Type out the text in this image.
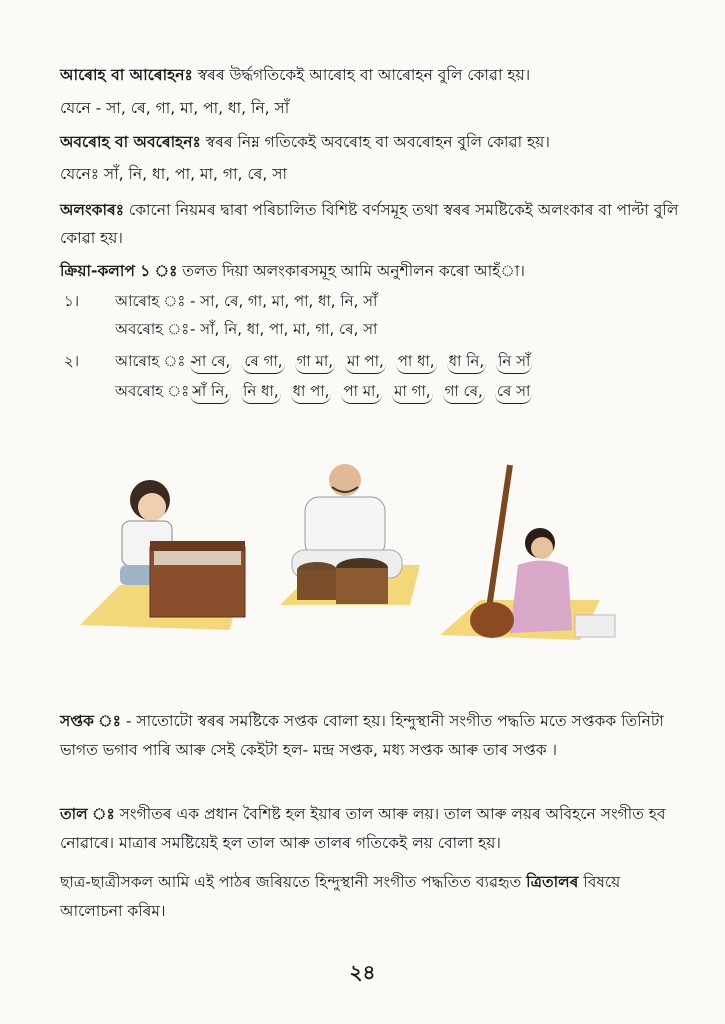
আৰোহ বা আৰোহনঃ স্বৰৰ উৰ্দ্ধগতিকেই আৰোহ বা আৰোহন বুলি কোৱা হয়।
যেনে - সা, ৰে, গা, মা, পা, ধা, নি, সাঁ
অবৰোহ বা অবৰোহনঃ স্বৰৰ নিম্ন গতিকেই অবৰোহ বা অবৰোহন বুলি কোৱা হয়।
যেনেঃ সাঁ, নি, ধা, পা, মা, গা, ৰে, সা
অলংকাৰঃ কোনো নিয়মৰ দ্বাৰা পৰিচালিত বিশিষ্ট বৰ্ণসমূহ তথা স্বৰৰ সমষ্টিকেই অলংকাৰ বা পাল্টা বুলি কোৱা হয়।
ক্ৰিয়া-কলাপ ১ ঃ তলত দিয়া অলংকাৰসমূহ আমি অনুশীলন কৰো আহঁা।
১। আৰোহ ঃ - সা, ৰে, গা, মা, পা, ধা, নি, সাঁ
অবৰোহ ঃ - সাঁ, নি, ধা, পা, মা, গা, ৰে, সা
২। আৰোহ ঃ -
সা ৰে, ৰে গা, গা মা, মা পা, পা ধা, ধা নি, নি সাঁ
অবৰোহ ঃ -
সাঁ নি, নি ধা, ধা পা, পা মা, মা গা, গা ৰে, ৰে সা
সপ্তক ঃ - সাতোটো স্বৰৰ সমষ্টিকে সপ্তক বোলা হয়। হিন্দুস্থানী সংগীত পদ্ধতি মতে সপ্তকক তিনিটা ভাগত ভগাব পাৰি আৰু সেই কেইটা হল- মন্দ্ৰ সপ্তক, মধ্য সপ্তক আৰু তাৰ সপ্তক ।
তাল ঃ সংগীতৰ এক প্ৰধান বৈশিষ্ট হল ইয়াৰ তাল আৰু লয়। তাল আৰু লয়ৰ অবিহনে সংগীত হব নোৱাৰে। মাত্ৰাৰ সমষ্টিয়েই হল তাল আৰু তালৰ গতিকেই লয় বোলা হয়।
ছাত্ৰ-ছাত্ৰীসকল আমি এই পাঠৰ জৰিয়তে হিন্দুস্থানী সংগীত পদ্ধতিত ব্যৱহৃত ত্ৰিতালৰ বিষয়ে আলোচনা কৰিম।
২৪
